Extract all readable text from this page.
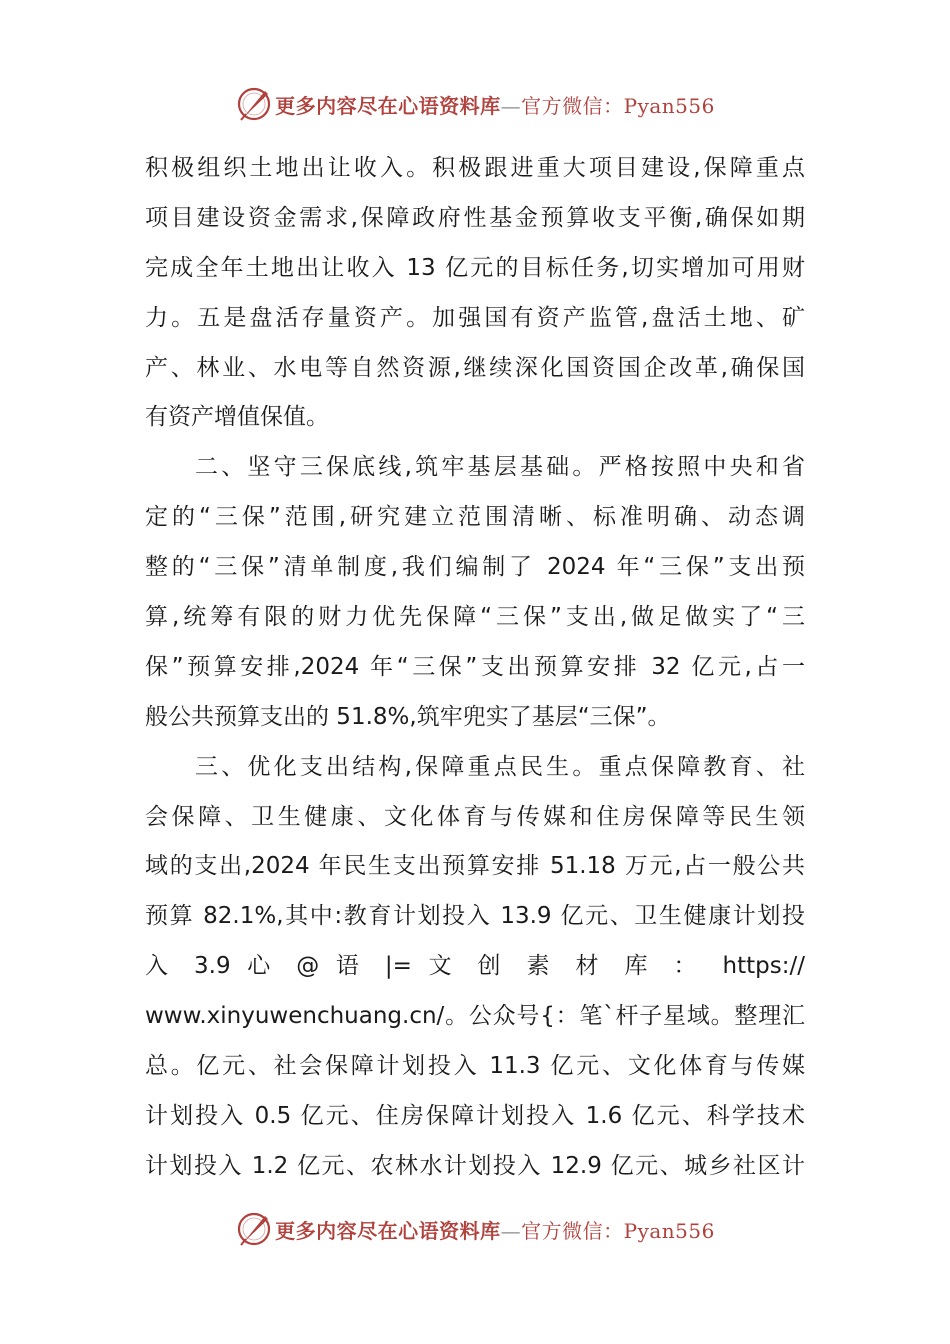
更多内容尽在心语资料库—官方微信：Pyan556
积极组织土地出让收入。积极跟进重大项目建设,保障重点
项目建设资金需求,保障政府性基金预算收支平衡,确保如期
完成全年土地出让收入 13 亿元的目标任务,切实增加可用财
力。五是盘活存量资产。加强国有资产监管,盘活土地、矿
产、林业、水电等自然资源,继续深化国资国企改革,确保国
有资产增值保值。
二、坚守三保底线,筑牢基层基础。严格按照中央和省
定的“三保”范围,研究建立范围清晰、标准明确、动态调
整的“三保”清单制度,我们编制了 2024 年“三保”支出预
算,统筹有限的财力优先保障“三保”支出,做足做实了“三
保”预算安排,2024 年“三保”支出预算安排 32 亿元,占一
般公共预算支出的 51.8%,筑牢兜实了基层“三保”。
三、优化支出结构,保障重点民生。重点保障教育、社
会保障、卫生健康、文化体育与传媒和住房保障等民生领
域的支出,2024 年民生支出预算安排 51.18 万元,占一般公共
预算 82.1%,其中:教育计划投入 13.9 亿元、卫生健康计划投
入 3.9 心 @ 语 |= 文 创 素 材 库 ： https://
www.xinyuwenchuang.cn/。公众号{：笔`杆子星域。整理汇
总。亿元、社会保障计划投入 11.3 亿元、文化体育与传媒
计划投入 0.5 亿元、住房保障计划投入 1.6 亿元、科学技术
计划投入 1.2 亿元、农林水计划投入 12.9 亿元、城乡社区计
更多内容尽在心语资料库—官方微信：Pyan556
